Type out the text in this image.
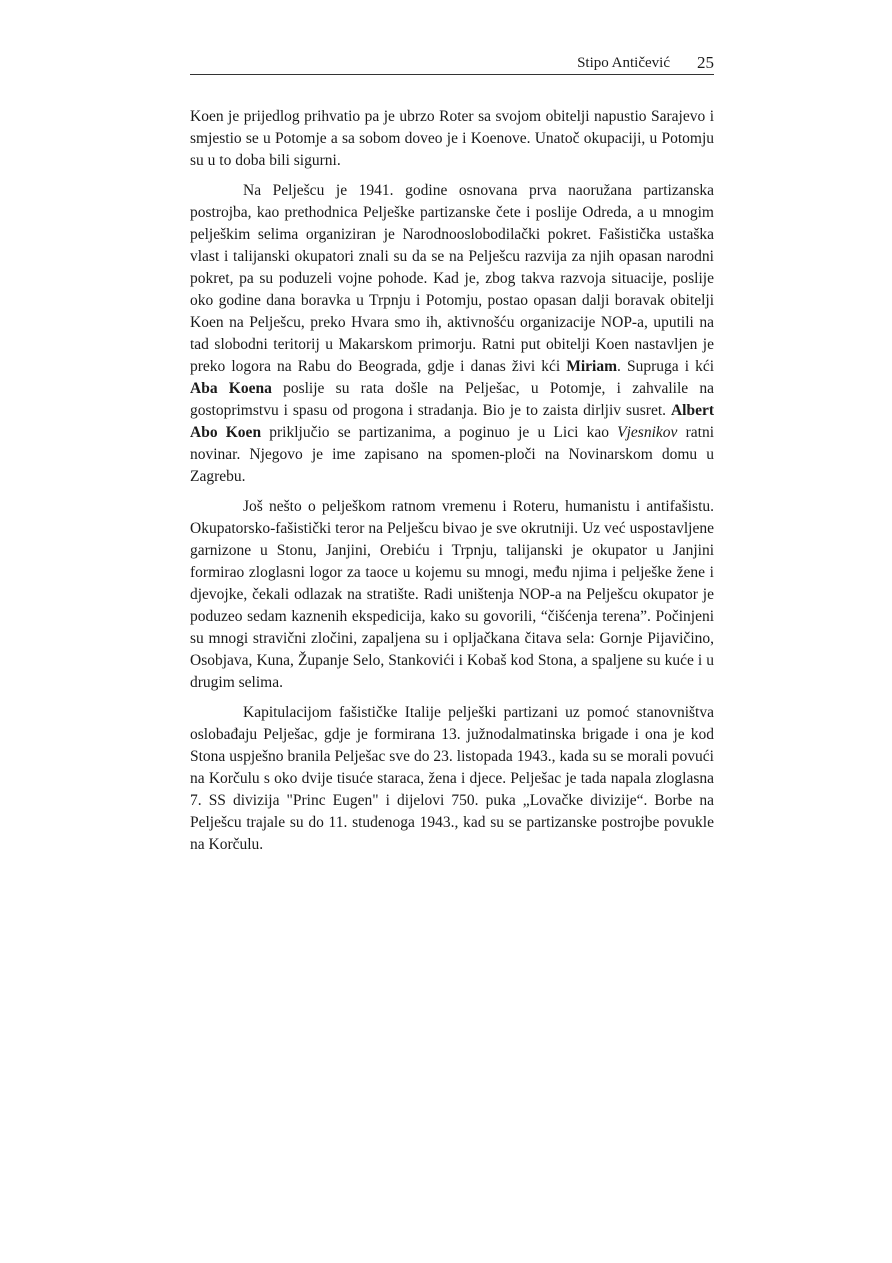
Stipo Antičević 25

Koen je prijedlog prihvatio pa je ubrzo Roter sa svojom obitelji napustio Sarajevo i smjestio se u Potomje a sa sobom doveo je i Koenove. Unatoč okupaciji, u Potomju su u to doba bili sigurni.

Na Pelješcu je 1941. godine osnovana prva naoružana partizanska postrojba, kao prethodnica Pelješke partizanske čete i poslije Odreda, a u mnogim pelješkim selima organiziran je Narodnooslobodilački pokret. Fašistička ustaška vlast i talijanski okupatori znali su da se na Pelješcu razvija za njih opasan narodni pokret, pa su poduzeli vojne pohode. Kad je, zbog takva razvoja situacije, poslije oko godine dana boravka u Trpnju i Potomju, postao opasan dalji boravak obitelji Koen na Pelješcu, preko Hvara smo ih, aktivnošću organizacije NOP-a, uputili na tad slobodni teritorij u Makarskom primorju. Ratni put obitelji Koen nastavljen je preko logora na Rabu do Beograda, gdje i danas živi kći Miriam. Supruga i kći Aba Koena poslije su rata došle na Pelješac, u Potomje, i zahvalile na gostoprimstvu i spasu od progona i stradanja. Bio je to zaista dirljiv susret. Albert Abo Koen priključio se partizanima, a poginuo je u Lici kao Vjesnikov ratni novinar. Njegovo je ime zapisano na spomen-ploči na Novinarskom domu u Zagrebu.

Još nešto o pelješkom ratnom vremenu i Roteru, humanistu i antifašistu. Okupatorsko-fašistički teror na Pelješcu bivao je sve okrutniji. Uz već uspostavljene garnizone u Stonu, Janjini, Orebiću i Trpnju, talijanski je okupator u Janjini formirao zloglasni logor za taoce u kojemu su mnogi, među njima i pelješke žene i djevojke, čekali odlazak na stratište. Radi uništenja NOP-a na Pelješcu okupator je poduzeo sedam kaznenih ekspedicija, kako su govorili, “čišćenja terena”. Počinjeni su mnogi stravični zločini, zapaljena su i opljačkana čitava sela: Gornje Pijavičino, Osobjava, Kuna, Županje Selo, Stankovići i Kobaš kod Stona, a spaljene su kuće i u drugim selima.

Kapitulacijom fašističke Italije pelješki partizani uz pomoć stanovništva oslobađaju Pelješac, gdje je formirana 13. južnodalmatinska brigade i ona je kod Stona uspješno branila Pelješac sve do 23. listopada 1943., kada su se morali povući na Korčulu s oko dvije tisuće staraca, žena i djece. Pelješac je tada napala zloglasna 7. SS divizija "Princ Eugen" i dijelovi 750. puka „Lovačke divizije“. Borbe na Pelješcu trajale su do 11. studenoga 1943., kad su se partizanske postrojbe povukle na Korčulu.
